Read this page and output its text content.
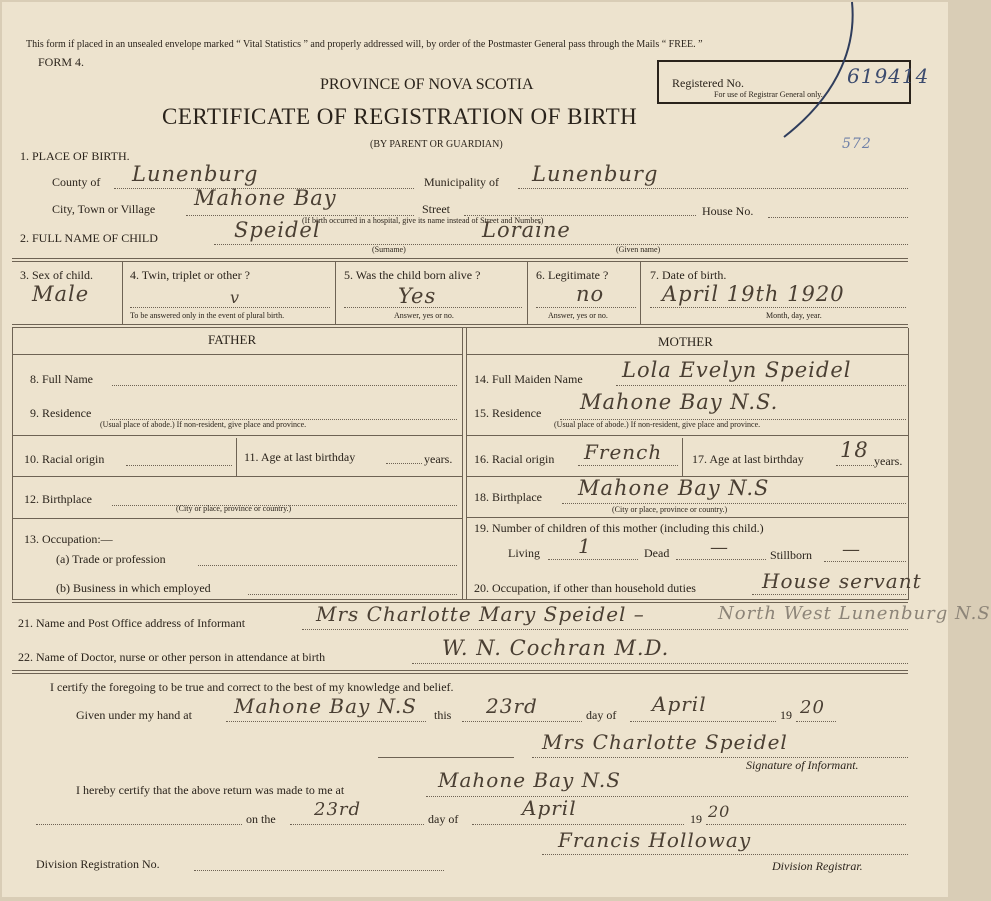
This form if placed in an unsealed envelope marked “ Vital Statistics ” and properly addressed will, by order of the Postmaster General pass through the Mails “ FREE. ”
FORM 4.
PROVINCE OF NOVA SCOTIA
CERTIFICATE OF REGISTRATION OF BIRTH
(BY PARENT OR GUARDIAN)
Registered No.	619414
For use of Registrar General only.
572
1. PLACE OF BIRTH.
County of Lunenburg	Municipality of Lunenburg
City, Town or Village Mahone Bay	Street	House No.
(If birth occurred in a hospital, give its name instead of Street and Number)
2. FULL NAME OF CHILD	Speidel	Loraine
(Surname)	(Given name)
3. Sex of child.
Male
4. Twin, triplet or other ?
v
To be answered only in the event of plural birth.
5. Was the child born alive ?
Yes
Answer, yes or no.
6. Legitimate ?
no
Answer, yes or no.
7. Date of birth.
April 19th 1920
Month, day, year.
FATHER
8. Full Name
9. Residence
(Usual place of abode.) If non-resident, give place and province.
10. Racial origin	11. Age at last birthday	years.
12. Birthplace
(City or place, province or country.)
13. Occupation:—
(a) Trade or profession
(b) Business in which employed
MOTHER
14. Full Maiden Name Lola Evelyn Speidel
15. Residence Mahone Bay N.S.
(Usual place of abode.) If non-resident, give place and province.
16. Racial origin French 17. Age at last birthday 18 years.
18. Birthplace Mahone Bay N.S
(City or place, province or country.)
19. Number of children of this mother (including this child.)
Living 1	Dead —	Stillborn —
20. Occupation, if other than household duties	House servant
21. Name and Post Office address of Informant	Mrs Charlotte Mary Speidel –	North West Lunenburg N.S
22. Name of Doctor, nurse or other person in attendance at birth	W. N. Cochran M.D.
I certify the foregoing to be true and correct to the best of my knowledge and belief.
Given under my hand at Mahone Bay N.S this 23rd	day of April	19 20
Mrs Charlotte Speidel
Signature of Informant.
I hereby certify that the above return was made to me at	Mahone Bay N.S
on the 23rd	day of	April	19 20
Division Registration No.
Francis Holloway
Division Registrar.
